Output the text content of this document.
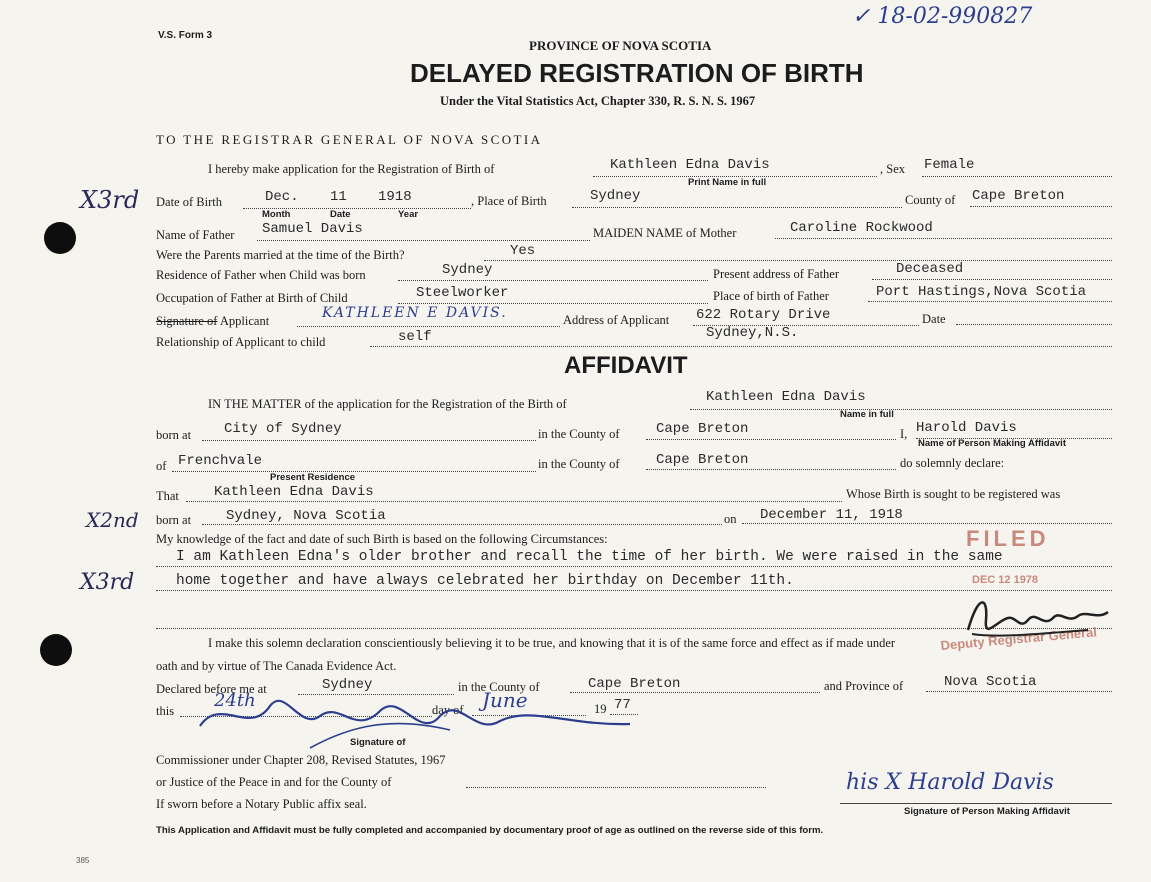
V.S. Form 3
✓ 18-02-990827
PROVINCE OF NOVA SCOTIA
DELAYED REGISTRATION OF BIRTH
Under the Vital Statistics Act, Chapter 330, R. S. N. S. 1967
TO THE REGISTRAR GENERAL OF NOVA SCOTIA
I hereby make application for the Registration of Birth of	Kathleen Edna Davis
Print Name in full
, Sex Female
Date of Birth	Dec. 11 1918
Month	Date	Year
, Place of Birth	Sydney	County of Cape Breton
Name of Father Samuel Davis	MAIDEN NAME of Mother	Caroline Rockwood
Were the Parents married at the time of the Birth?	Yes
Residence of Father when Child was born	Sydney	Present address of Father	Deceased
Occupation of Father at Birth of Child	Steelworker	Place of birth of Father	Port Hastings,Nova Scotia
Signature of Applicant	KATHLEEN E DAVIS.	Address of Applicant 622 Rotary Drive
Sydney,N.S.
Date
Relationship of Applicant to child	self
X3rd
X2nd
X3rd
AFFIDAVIT
IN THE MATTER of the application for the Registration of the Birth of	Kathleen Edna Davis
Name in full
born at City of Sydney	in the County of	Cape Breton	I, Harold Davis
Name of Person Making Affidavit
of Frenchvale
Present Residence
in the County of	Cape Breton	do solemnly declare:
That	Kathleen Edna Davis	Whose Birth is sought to be registered was
born at Sydney, Nova Scotia	on December 11, 1918
My knowledge of the fact and date of such Birth is based on the following Circumstances:
I am Kathleen Edna's older brother and recall the time of her birth. We were raised in the same
home together and have always celebrated her birthday on December 11th.
FILED
DEC 12 1978
Deputy Registrar General
I make this solemn declaration conscientiously believing it to be true, and knowing that it is of the same force and effect as if made under
oath and by virtue of The Canada Evidence Act.
Declared before me at	Sydney	in the County of	Cape Breton	and Province of	Nova Scotia
this 24th	day of June	19 77
Signature of
Commissioner under Chapter 208, Revised Statutes, 1967
or Justice of the Peace in and for the County of
If sworn before a Notary Public affix seal.
his X Harold Davis
Signature of Person Making Affidavit
This Application and Affidavit must be fully completed and accompanied by documentary proof of age as outlined on the reverse side of this form.
385
